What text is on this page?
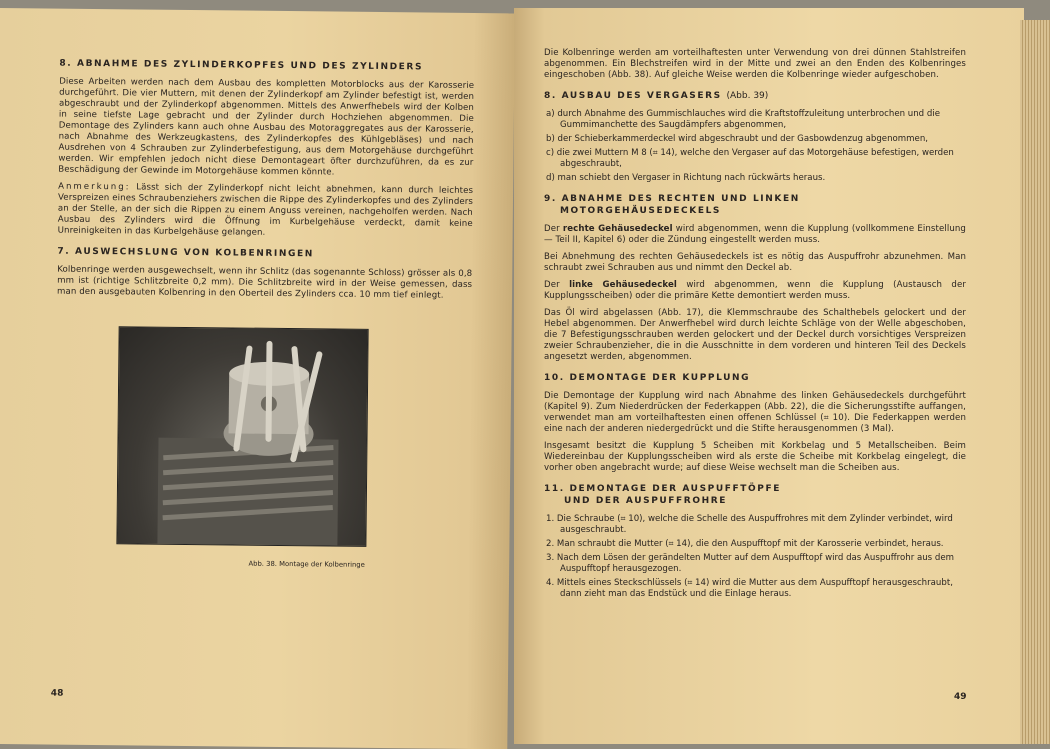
8. ABNAHME DES ZYLINDERKOPFES UND DES ZYLINDERS

Diese Arbeiten werden nach dem Ausbau des kompletten Motorblocks aus der Karosserie durchgeführt. Die vier Muttern, mit denen der Zylinderkopf am Zylinder befestigt ist, werden abgeschraubt und der Zylinderkopf abgenommen. Mittels des Anwerfhebels wird der Kolben in seine tiefste Lage gebracht und der Zylinder durch Hochziehen abgenommen. Die Demontage des Zylinders kann auch ohne Ausbau des Motoraggregates aus der Karosserie, nach Abnahme des Werkzeugkastens, des Zylinderkopfes des Kühlgebläses) und nach Ausdrehen von 4 Schrauben zur Zylinderbefestigung, aus dem Motorgehäuse durchgeführt werden. Wir empfehlen jedoch nicht diese Demontageart öfter durchzuführen, da es zur Beschädigung der Gewinde im Motorgehäuse kommen könnte.

Anmerkung: Lässt sich der Zylinderkopf nicht leicht abnehmen, kann durch leichtes Verspreizen eines Schraubenziehers zwischen die Rippe des Zylinderkopfes und des Zylinders an der Stelle, an der sich die Rippen zu einem Anguss vereinen, nachgeholfen werden. Nach Ausbau des Zylinders wird die Öffnung im Kurbelgehäuse verdeckt, damit keine Unreinigkeiten in das Kurbelgehäuse gelangen.

7. AUSWECHSLUNG VON KOLBENRINGEN

Kolbenringe werden ausgewechselt, wenn ihr Schlitz (das sogenannte Schloss) grösser als 0,8 mm ist (richtige Schlitzbreite 0,2 mm). Die Schlitzbreite wird in der Weise gemessen, dass man den ausgebauten Kolbenring in den Oberteil des Zylinders cca. 10 mm tief einlegt.

Abb. 38. Montage der Kolbenringe
48

Die Kolbenringe werden am vorteilhaftesten unter Verwendung von drei dünnen Stahlstreifen abgenommen. Ein Blechstreifen wird in der Mitte und zwei an den Enden des Kolbenringes eingeschoben (Abb. 38). Auf gleiche Weise werden die Kolbenringe wieder aufgeschoben.

8. AUSBAU DES VERGASERS (Abb. 39)
a) durch Abnahme des Gummischlauches wird die Kraftstoffzuleitung unterbrochen und die Gummimanchette des Saugdämpfers abgenommen,
b) der Schieberkammerdeckel wird abgeschraubt und der Gasbowdenzug abgenommen,
c) die zwei Muttern M 8 (⌗ 14), welche den Vergaser auf das Motorgehäuse befestigen, werden abgeschraubt,
d) man schiebt den Vergaser in Richtung nach rückwärts heraus.
9. ABNAHME DES RECHTEN UND LINKEN
MOTORGEHÄUSEDECKELS

Der rechte Gehäusedeckel wird abgenommen, wenn die Kupplung (vollkommene Einstellung — Teil II, Kapitel 6) oder die Zündung eingestellt werden muss.

Bei Abnehmung des rechten Gehäusedeckels ist es nötig das Auspuffrohr abzunehmen. Man schraubt zwei Schrauben aus und nimmt den Deckel ab.

Der linke Gehäusedeckel wird abgenommen, wenn die Kupplung (Austausch der Kupplungsscheiben) oder die primäre Kette demontiert werden muss.

Das Öl wird abgelassen (Abb. 17), die Klemmschraube des Schalthebels gelockert und der Hebel abgenommen. Der Anwerfhebel wird durch leichte Schläge von der Welle abgeschoben, die 7 Befestigungsschrauben werden gelockert und der Deckel durch vorsichtiges Verspreizen zweier Schraubenzieher, die in die Ausschnitte in dem vorderen und hinteren Teil des Deckels angesetzt werden, abgenommen.

10. DEMONTAGE DER KUPPLUNG

Die Demontage der Kupplung wird nach Abnahme des linken Gehäusedeckels durchgeführt (Kapitel 9). Zum Niederdrücken der Federkappen (Abb. 22), die die Sicherungsstifte auffangen, verwendet man am vorteilhaftesten einen offenen Schlüssel (⌗ 10). Die Federkappen werden eine nach der anderen niedergedrückt und die Stifte herausgenommen (3 Mal).

Insgesamt besitzt die Kupplung 5 Scheiben mit Korkbelag und 5 Metallscheiben. Beim Wiedereinbau der Kupplungsscheiben wird als erste die Scheibe mit Korkbelag eingelegt, die vorher oben angebracht wurde; auf diese Weise wechselt man die Scheiben aus.

11. DEMONTAGE DER AUSPUFFTÖPFE
UND DER AUSPUFFROHRE
1. Die Schraube (⌗ 10), welche die Schelle des Auspuffrohres mit dem Zylinder verbindet, wird ausgeschraubt.
2. Man schraubt die Mutter (⌗ 14), die den Auspufftopf mit der Karosserie verbindet, heraus.
3. Nach dem Lösen der gerändelten Mutter auf dem Auspufftopf wird das Auspuffrohr aus dem Auspufftopf herausgezogen.
4. Mittels eines Steckschlüssels (⌗ 14) wird die Mutter aus dem Auspufftopf herausgeschraubt, dann zieht man das Endstück und die Einlage heraus.
49
